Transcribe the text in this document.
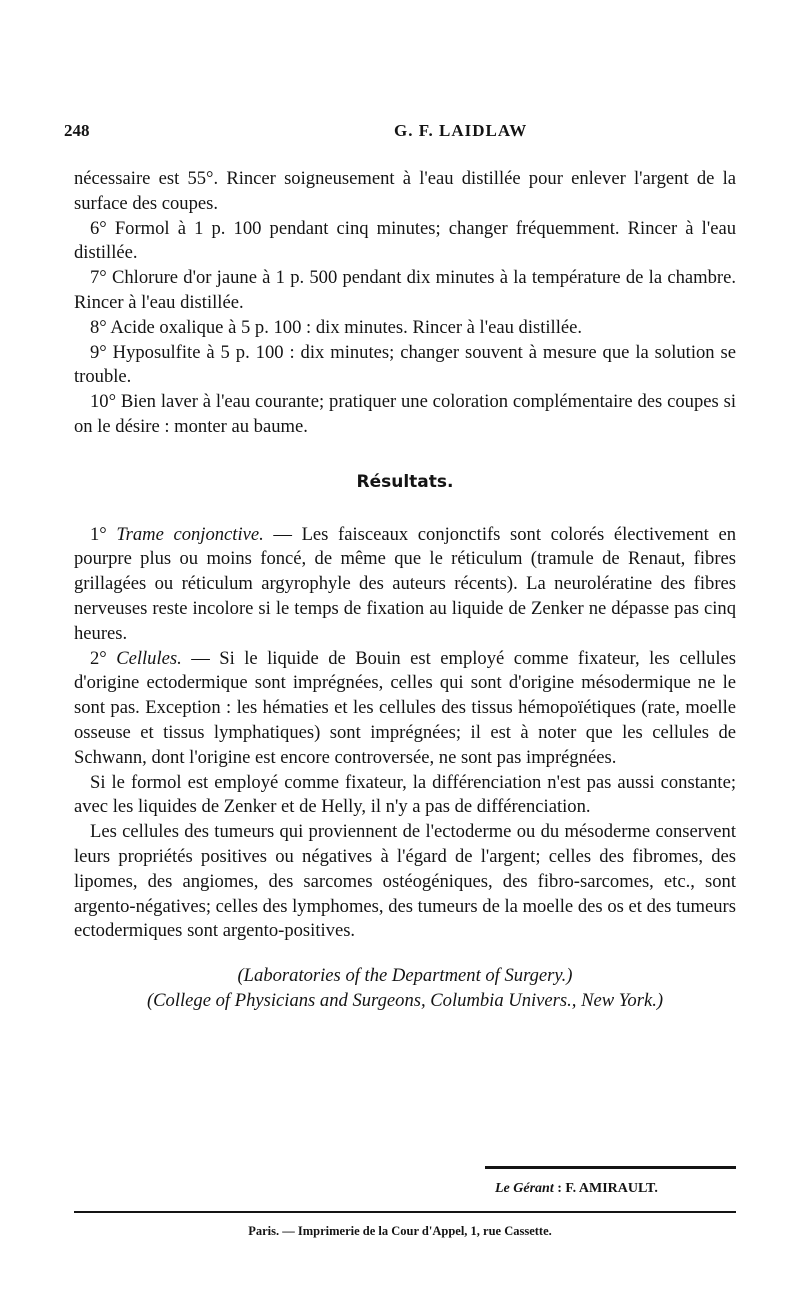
248	G. F. LAIDLAW

nécessaire est 55°. Rincer soigneusement à l'eau distillée pour enlever l'argent de la surface des coupes.

6° Formol à 1 p. 100 pendant cinq minutes; changer fréquemment. Rincer à l'eau distillée.

7° Chlorure d'or jaune à 1 p. 500 pendant dix minutes à la température de la chambre. Rincer à l'eau distillée.

8° Acide oxalique à 5 p. 100 : dix minutes. Rincer à l'eau distillée.

9° Hyposulfite à 5 p. 100 : dix minutes; changer souvent à mesure que la solution se trouble.

10° Bien laver à l'eau courante; pratiquer une coloration complémentaire des coupes si on le désire : monter au baume.

Résultats.

1° Trame conjonctive. — Les faisceaux conjonctifs sont colorés électivement en pourpre plus ou moins foncé, de même que le réticulum (tramule de Renaut, fibres grillagées ou réticulum argyrophyle des auteurs récents). La neurolératine des fibres nerveuses reste incolore si le temps de fixation au liquide de Zenker ne dépasse pas cinq heures.

2° Cellules. — Si le liquide de Bouin est employé comme fixateur, les cellules d'origine ectodermique sont imprégnées, celles qui sont d'origine mésodermique ne le sont pas. Exception : les hématies et les cellules des tissus hémopoïétiques (rate, moelle osseuse et tissus lymphatiques) sont imprégnées; il est à noter que les cellules de Schwann, dont l'origine est encore controversée, ne sont pas imprégnées.

Si le formol est employé comme fixateur, la différenciation n'est pas aussi constante; avec les liquides de Zenker et de Helly, il n'y a pas de différenciation.

Les cellules des tumeurs qui proviennent de l'ectoderme ou du mésoderme conservent leurs propriétés positives ou négatives à l'égard de l'argent; celles des fibromes, des lipomes, des angiomes, des sarcomes ostéogéniques, des fibro-sarcomes, etc., sont argento-négatives; celles des lymphomes, des tumeurs de la moelle des os et des tumeurs ectodermiques sont argento-positives.

(Laboratories of the Department of Surgery.)

(College of Physicians and Surgeons, Columbia Univers., New York.)

Le Gérant : F. AMIRAULT.
Paris. — Imprimerie de la Cour d'Appel, 1, rue Cassette.
